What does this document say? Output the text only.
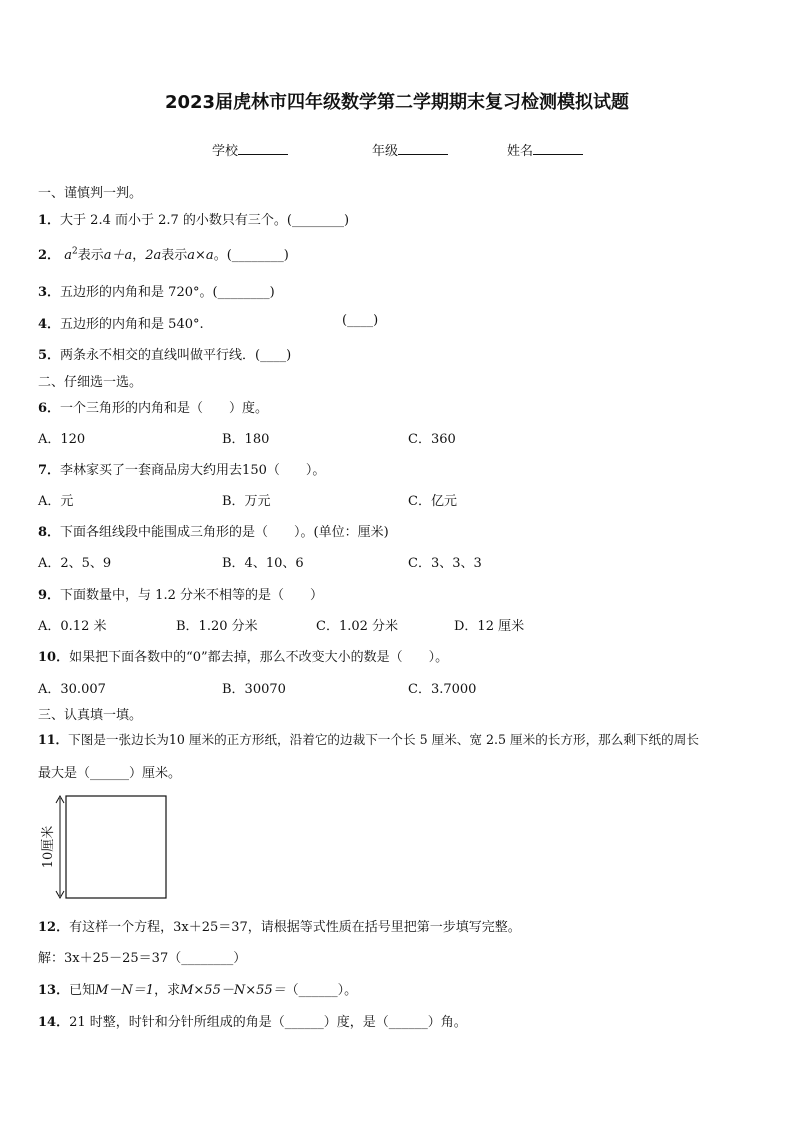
2023届虎林市四年级数学第二学期期末复习检测模拟试题
学校	年级	姓名
一、谨慎判一判。
1．大于 2.4 而小于 2.7 的小数只有三个。(________)
2． $a^2$表示a＋a，2a表示a×a。(________)
3．五边形的内角和是 720°。(________)
4．五边形的内角和是 540°.	(____)
5．两条永不相交的直线叫做平行线．(____)
二、仔细选一选。
6．一个三角形的内角和是（　　）度。
A．120	B．180	C．360
7．李林家买了一套商品房大约用去150（　　）。
A．元	B．万元	C．亿元
8．下面各组线段中能围成三角形的是（　　）。(单位：厘米)
A．2、5、9	B．4、10、6	C．3、3、3
9．下面数量中，与 1.2 分米不相等的是（　　）
A．0.12 米	B．1.20 分米	C．1.02 分米	D．12 厘米
10．如果把下面各数中的“0”都去掉，那么不改变大小的数是（　　）。
A．30.007	B．30070	C．3.7000
三、认真填一填。
11．下图是一张边长为10 厘米的正方形纸，沿着它的边裁下一个长 5 厘米、宽 2.5 厘米的长方形，那么剩下纸的周长
最大是（______）厘米。
10厘米
12．有这样一个方程，3x＋25＝37，请根据等式性质在括号里把第一步填写完整。
解：3x＋25－25＝37（________）
13．已知M－N＝1，求M×55－N×55＝（______）。
14．21 时整，时针和分针所组成的角是（______）度，是（______）角。
